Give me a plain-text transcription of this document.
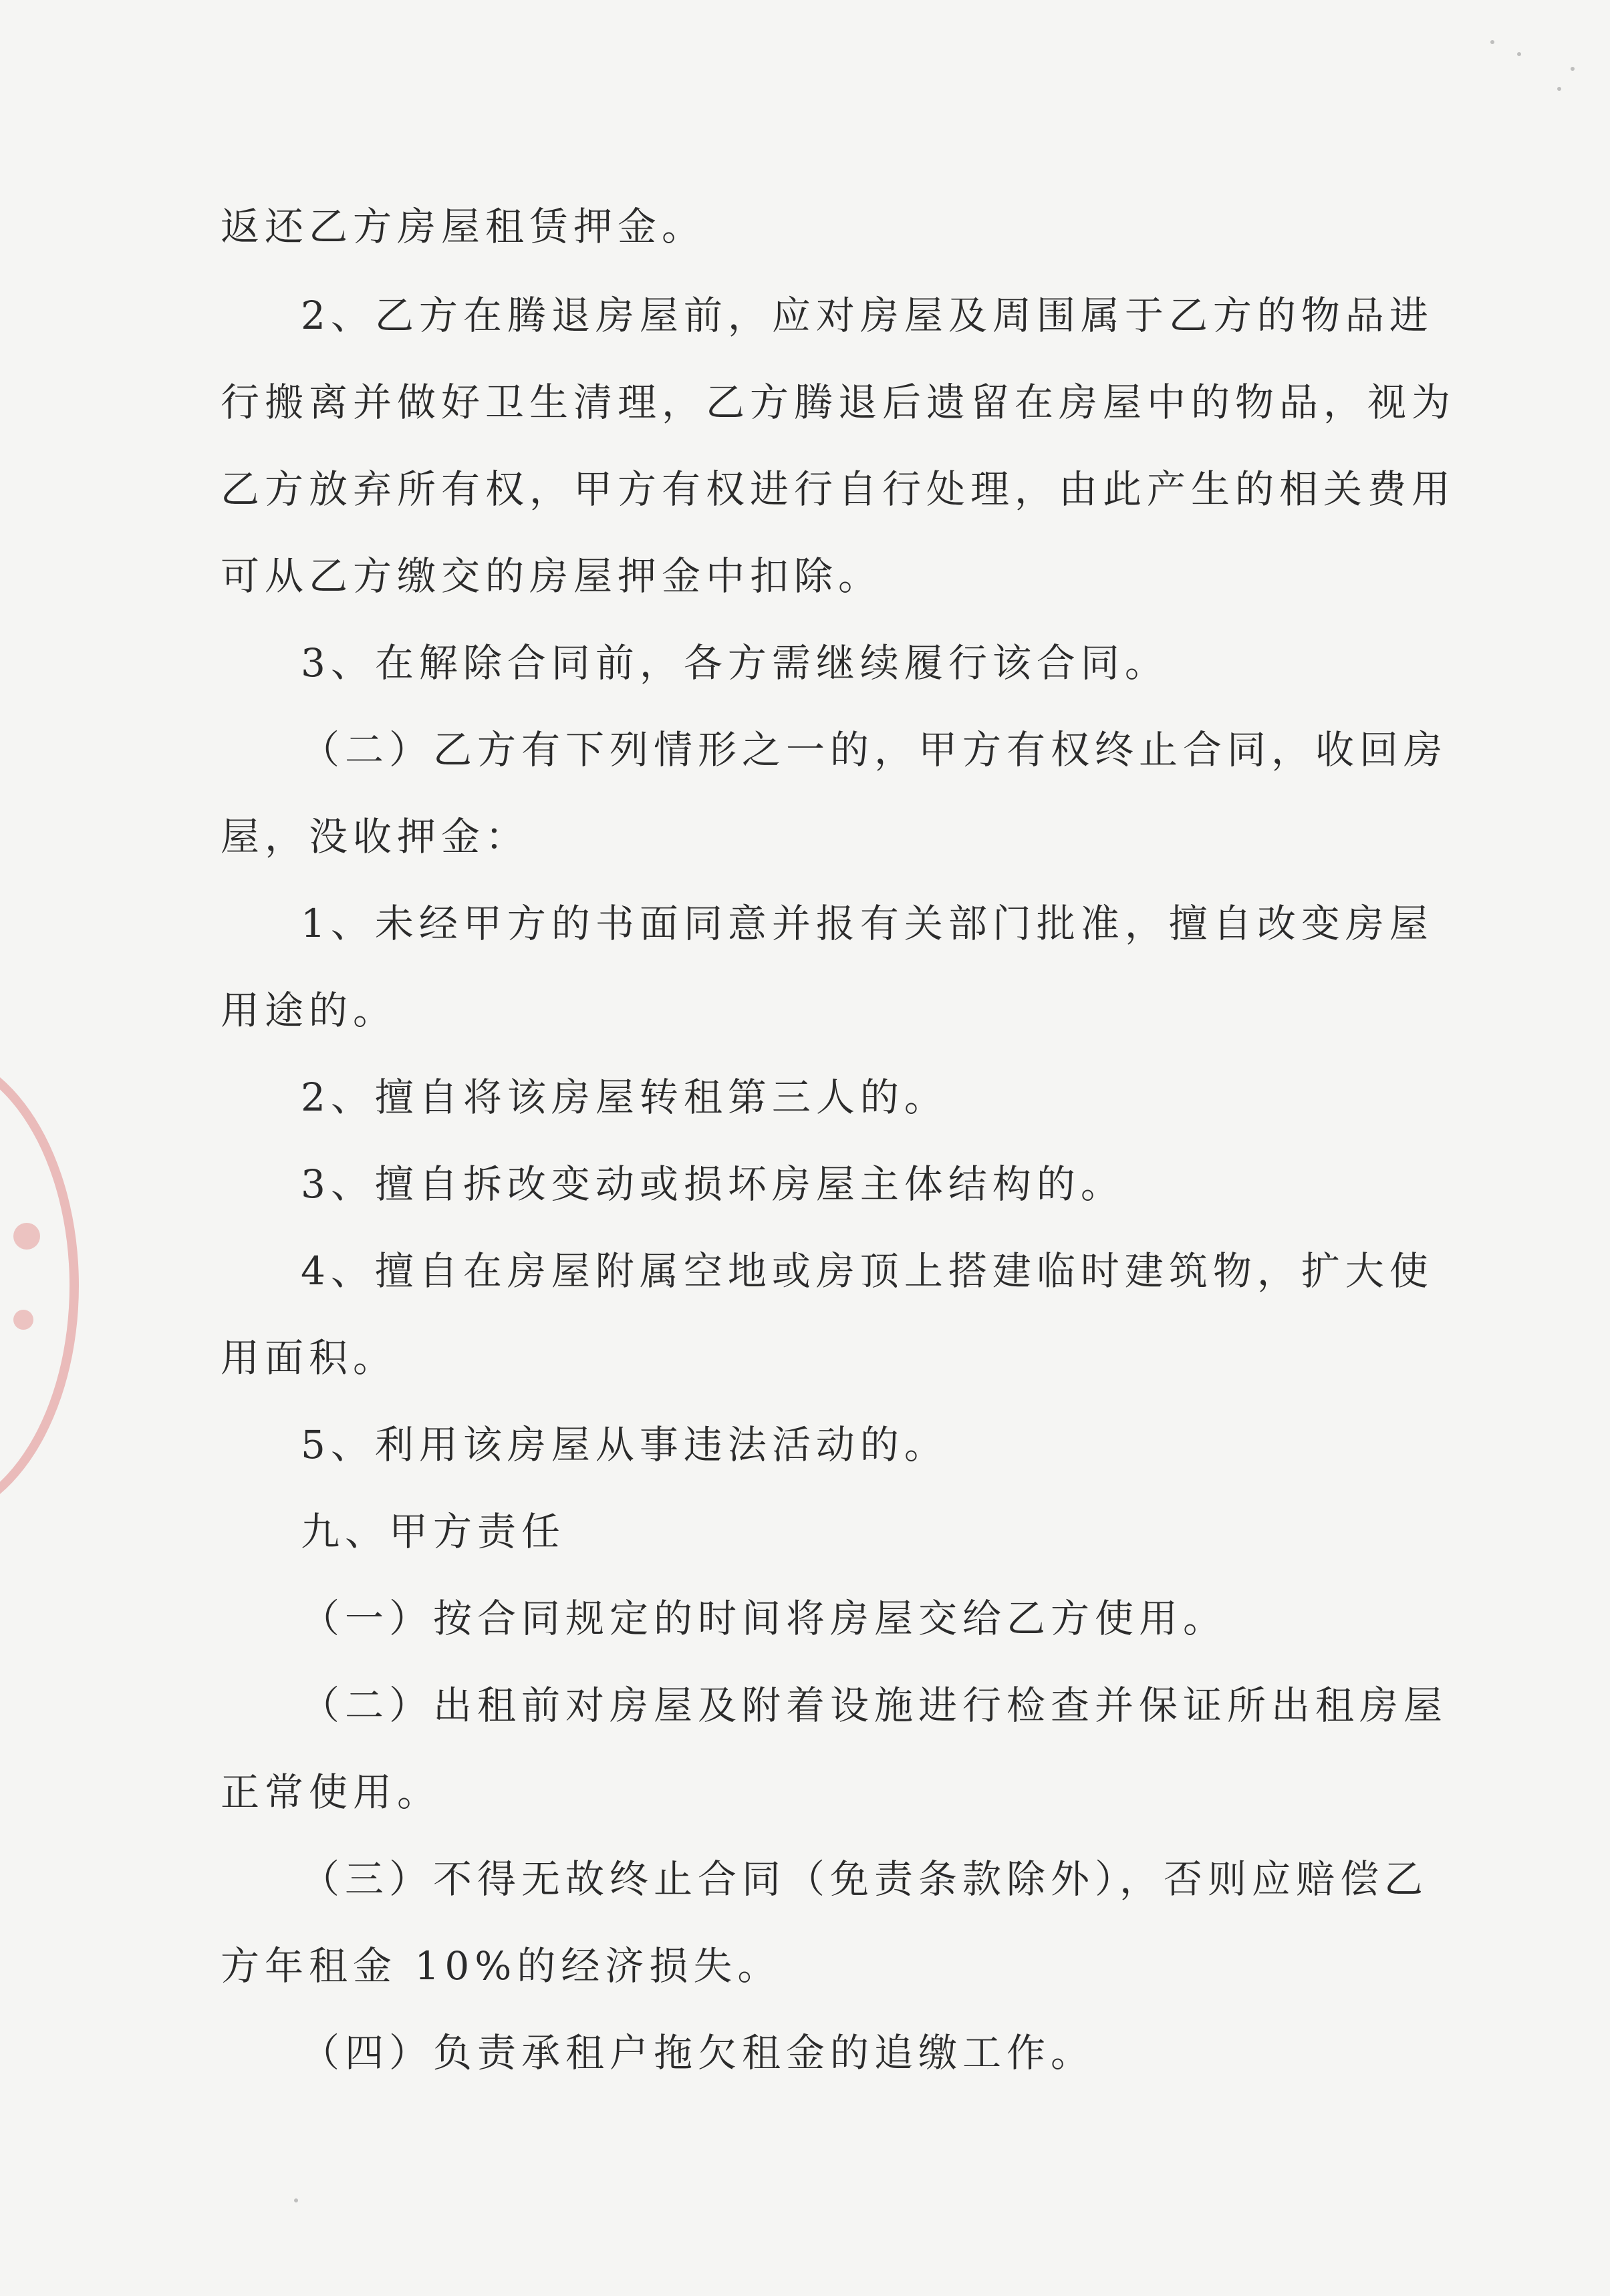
返还乙方房屋租赁押金。

2、乙方在腾退房屋前，应对房屋及周围属于乙方的物品进

行搬离并做好卫生清理，乙方腾退后遗留在房屋中的物品，视为

乙方放弃所有权，甲方有权进行自行处理，由此产生的相关费用

可从乙方缴交的房屋押金中扣除。

3、在解除合同前，各方需继续履行该合同。

（二）乙方有下列情形之一的，甲方有权终止合同，收回房

屋，没收押金：

1、未经甲方的书面同意并报有关部门批准，擅自改变房屋

用途的。

2、擅自将该房屋转租第三人的。

3、擅自拆改变动或损坏房屋主体结构的。

4、擅自在房屋附属空地或房顶上搭建临时建筑物，扩大使

用面积。

5、利用该房屋从事违法活动的。

九、甲方责任

（一）按合同规定的时间将房屋交给乙方使用。

（二）出租前对房屋及附着设施进行检查并保证所出租房屋

正常使用。

（三）不得无故终止合同（免责条款除外），否则应赔偿乙

方年租金 10%的经济损失。

（四）负责承租户拖欠租金的追缴工作。
